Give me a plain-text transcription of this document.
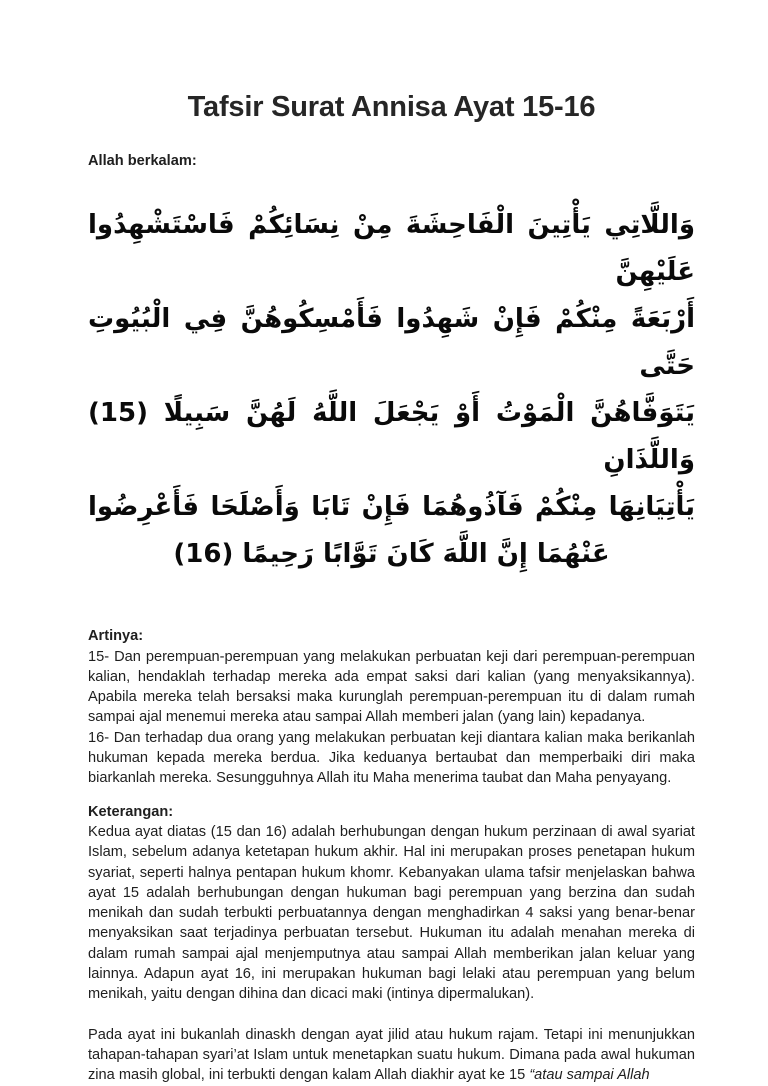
Tafsir Surat Annisa Ayat 15-16

Allah berkalam:

وَاللَّاتِي يَأْتِينَ الْفَاحِشَةَ مِنْ نِسَائِكُمْ فَاسْتَشْهِدُوا عَلَيْهِنَّ
أَرْبَعَةً مِنْكُمْ فَإِنْ شَهِدُوا فَأَمْسِكُوهُنَّ فِي الْبُيُوتِ حَتَّى
يَتَوَفَّاهُنَّ الْمَوْتُ أَوْ يَجْعَلَ اللَّهُ لَهُنَّ سَبِيلًا (15) وَاللَّذَانِ
يَأْتِيَانِهَا مِنْكُمْ فَآذُوهُمَا فَإِنْ تَابَا وَأَصْلَحَا فَأَعْرِضُوا
عَنْهُمَا إِنَّ اللَّهَ كَانَ تَوَّابًا رَحِيمًا (16)

Artinya:

15- Dan perempuan-perempuan yang melakukan perbuatan keji dari perempuan-perempuan kalian, hendaklah terhadap mereka ada empat saksi dari kalian (yang menyaksikannya). Apabila mereka telah bersaksi maka kurunglah perempuan-perempuan itu di dalam rumah sampai ajal menemui mereka atau sampai Allah memberi jalan (yang lain) kepadanya.

16- Dan terhadap dua orang yang melakukan perbuatan keji diantara kalian maka berikanlah hukuman kepada mereka berdua. Jika keduanya bertaubat dan memperbaiki diri maka biarkanlah mereka. Sesungguhnya Allah itu Maha menerima taubat dan Maha penyayang.

Keterangan:

Kedua ayat diatas (15 dan 16) adalah berhubungan dengan hukum perzinaan di awal syariat Islam, sebelum adanya ketetapan hukum akhir. Hal ini merupakan proses penetapan hukum syariat, seperti halnya pentapan hukum khomr. Kebanyakan ulama tafsir menjelaskan bahwa ayat 15 adalah berhubungan dengan hukuman bagi perempuan yang berzina dan sudah menikah dan sudah terbukti perbuatannya dengan menghadirkan 4 saksi yang benar-benar menyaksikan saat terjadinya perbuatan tersebut. Hukuman itu adalah menahan mereka di dalam rumah sampai ajal menjemputnya atau sampai Allah memberikan jalan keluar yang lainnya. Adapun ayat 16, ini merupakan hukuman bagi lelaki atau perempuan yang belum menikah, yaitu dengan dihina dan dicaci maki (intinya dipermalukan).

Pada ayat ini bukanlah dinaskh dengan ayat jilid atau hukum rajam. Tetapi ini menunjukkan tahapan-tahapan syari’at Islam untuk menetapkan suatu hukum. Dimana pada awal hukuman zina masih global, ini terbukti dengan kalam Allah diakhir ayat ke 15 “atau sampai Allah
